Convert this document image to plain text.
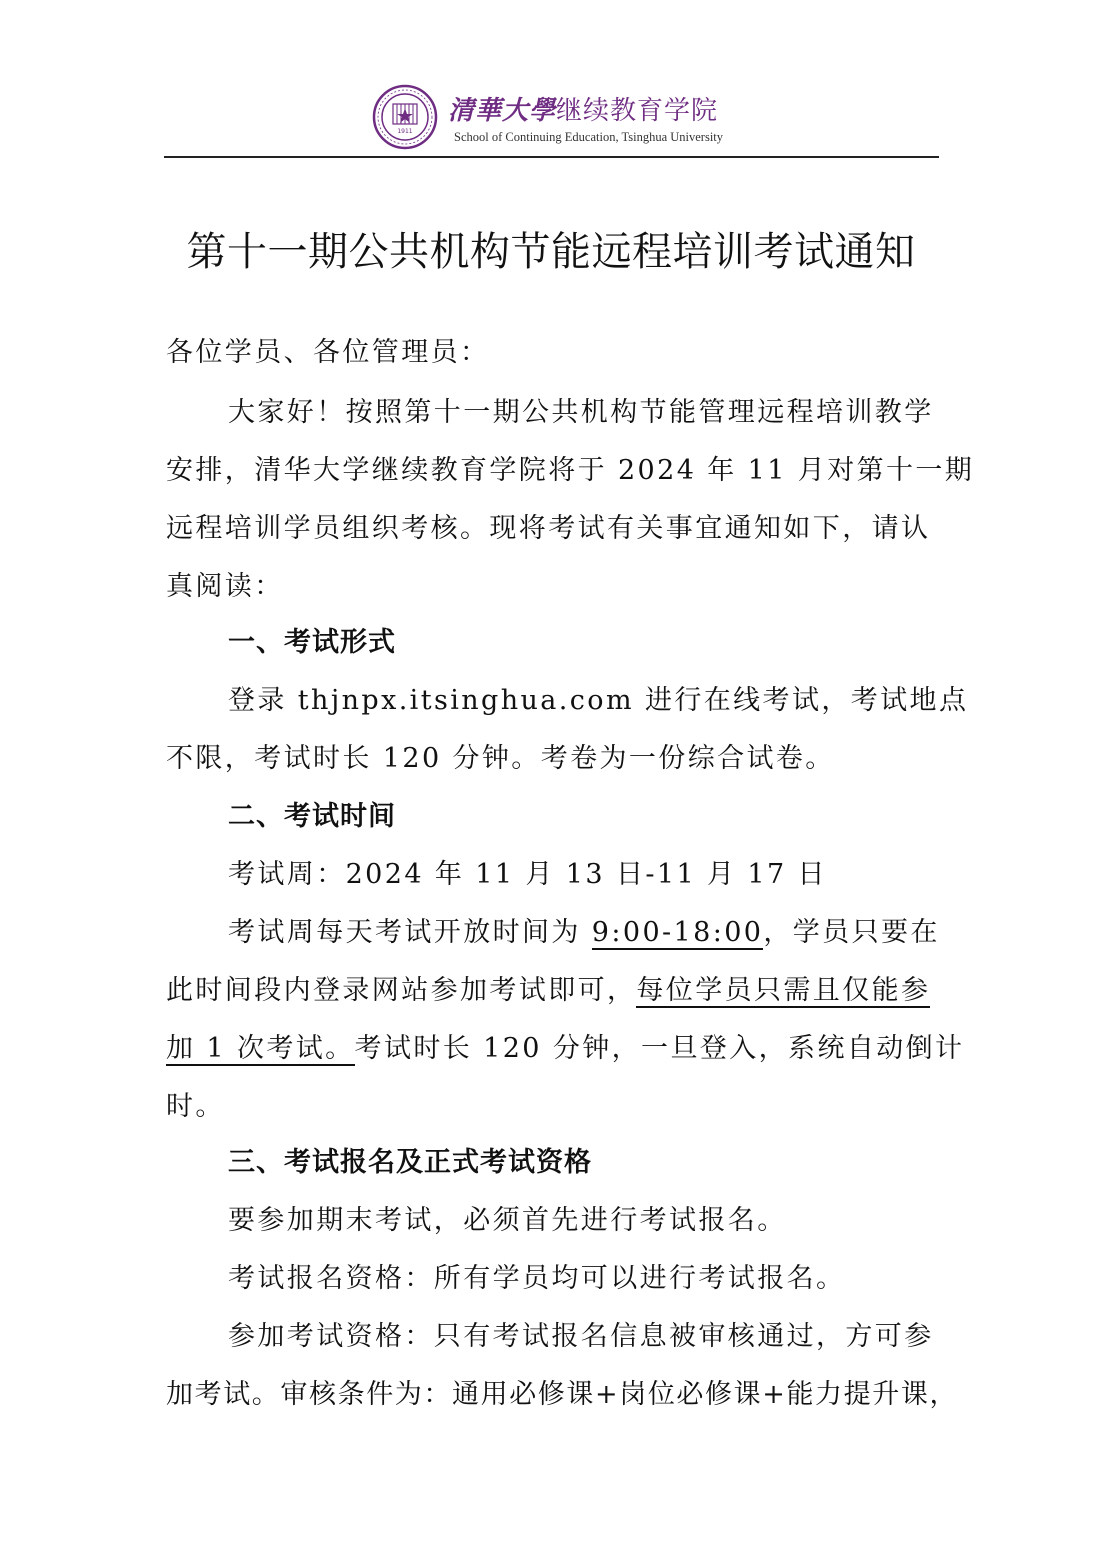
1911
清華大學继续教育学院
School of Continuing Education, Tsinghua University
第十一期公共机构节能远程培训考试通知
各位学员、各位管理员：
大家好！按照第十一期公共机构节能管理远程培训教学
安排，清华大学继续教育学院将于 2024 年 11 月对第十一期
远程培训学员组织考核。现将考试有关事宜通知如下，请认
真阅读：
一、考试形式
登录 thjnpx.itsinghua.com 进行在线考试，考试地点
不限，考试时长 120 分钟。考卷为一份综合试卷。
二、考试时间
考试周：2024 年 11 月 13 日-11 月 17 日
考试周每天考试开放时间为 9:00-18:00，学员只要在
此时间段内登录网站参加考试即可，每位学员只需且仅能参
加 1 次考试。考试时长 120 分钟，一旦登入，系统自动倒计
时。
三、考试报名及正式考试资格
要参加期末考试，必须首先进行考试报名。
考试报名资格：所有学员均可以进行考试报名。
参加考试资格：只有考试报名信息被审核通过，方可参
加考试。审核条件为：通用必修课+岗位必修课+能力提升课，
